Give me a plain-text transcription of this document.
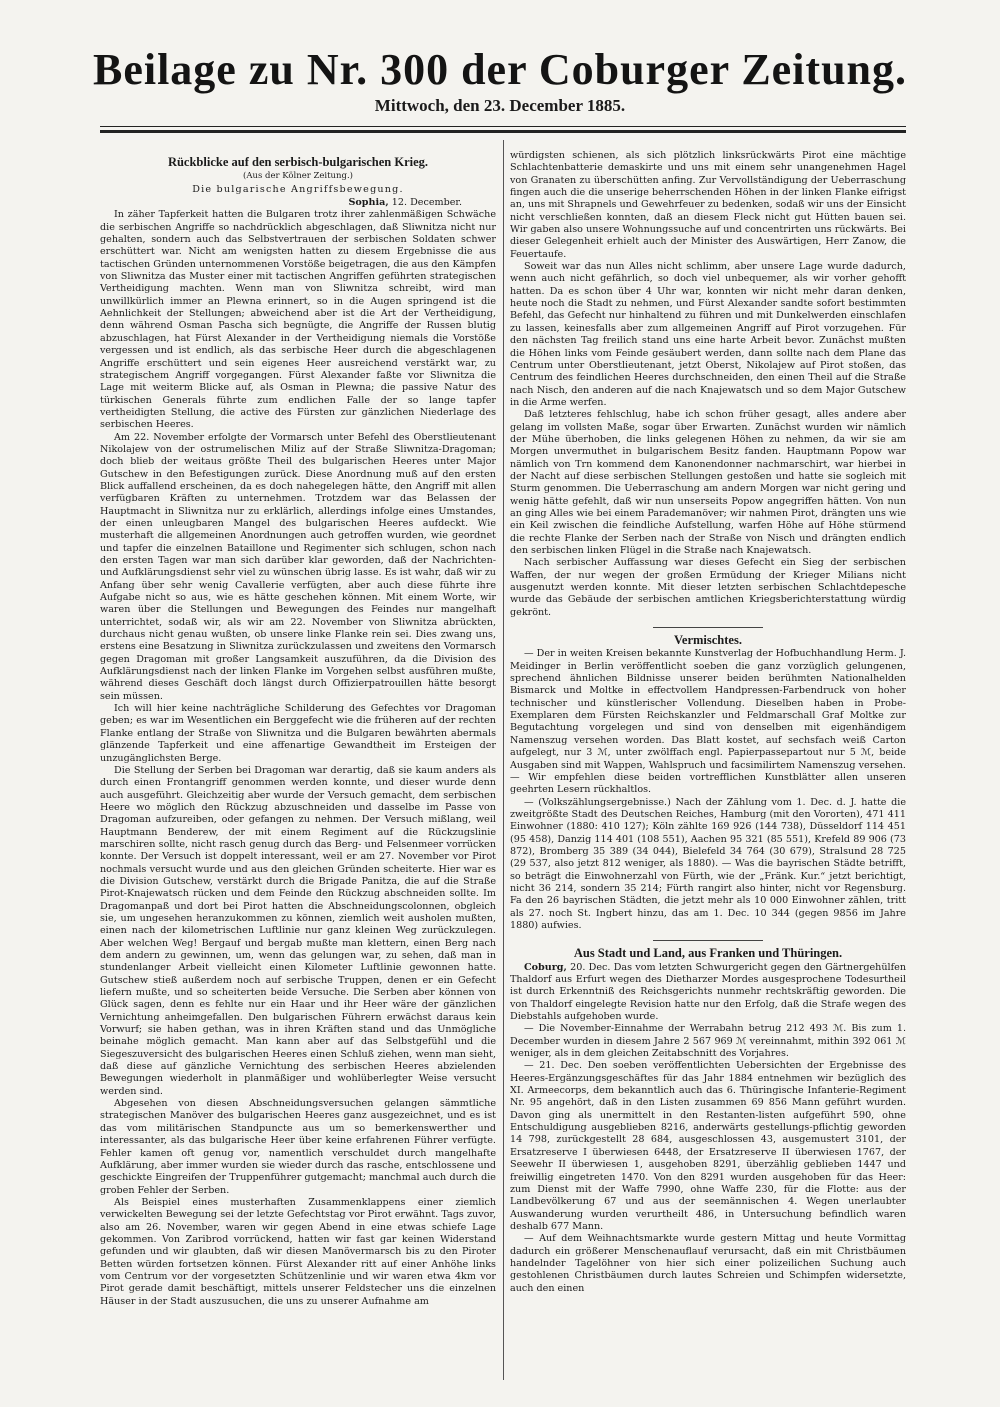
Beilage zu Nr. 300 der Coburger Zeitung.
Mittwoch, den 23. December 1885.
Rückblicke auf den serbisch-bulgarischen Krieg.
(Aus der Kölner Zeitung.)
Die bulgarische Angriffsbewegung.
Sophia, 12. December.

In zäher Tapferkeit hatten die Bulgaren trotz ihrer zahlenmäßigen Schwäche die serbischen Angriffe so nachdrücklich abgeschlagen, daß Sliwnitza nicht nur gehalten, sondern auch das Selbstvertrauen der serbischen Soldaten schwer erschüttert war. Nicht am wenigsten hatten zu diesem Ergebnisse die aus tactischen Gründen unternommenen Vorstöße beigetragen, die aus den Kämpfen von Sliwnitza das Muster einer mit tactischen Angriffen geführten strategischen Vertheidigung machten. Wenn man von Sliwnitza schreibt, wird man unwillkürlich immer an Plewna erinnert, so in die Augen springend ist die Aehnlichkeit der Stellungen; abweichend aber ist die Art der Vertheidigung, denn während Osman Pascha sich begnügte, die Angriffe der Russen blutig abzuschlagen, hat Fürst Alexander in der Vertheidigung niemals die Vorstöße vergessen und ist endlich, als das serbische Heer durch die abgeschlagenen Angriffe erschüttert und sein eigenes Heer ausreichend verstärkt war, zu strategischem Angriff vorgegangen. Fürst Alexander faßte vor Sliwnitza die Lage mit weiterm Blicke auf, als Osman in Plewna; die passive Natur des türkischen Generals führte zum endlichen Falle der so lange tapfer vertheidigten Stellung, die active des Fürsten zur gänzlichen Niederlage des serbischen Heeres.

Am 22. November erfolgte der Vormarsch unter Befehl des Oberstlieutenant Nikolajew von der ostrumelischen Miliz auf der Straße Sliwnitza-Dragoman; doch blieb der weitaus größte Theil des bulgarischen Heeres unter Major Gutschew in den Befestigungen zurück. Diese Anordnung muß auf den ersten Blick auffallend erscheinen, da es doch nahegelegen hätte, den Angriff mit allen verfügbaren Kräften zu unternehmen. Trotzdem war das Belassen der Hauptmacht in Sliwnitza nur zu erklärlich, allerdings infolge eines Umstandes, der einen unleugbaren Mangel des bulgarischen Heeres aufdeckt. Wie musterhaft die allgemeinen Anordnungen auch getroffen wurden, wie geordnet und tapfer die einzelnen Bataillone und Regimenter sich schlugen, schon nach den ersten Tagen war man sich darüber klar geworden, daß der Nachrichten- und Aufklärungsdienst sehr viel zu wünschen übrig lasse. Es ist wahr, daß wir zu Anfang über sehr wenig Cavallerie verfügten, aber auch diese führte ihre Aufgabe nicht so aus, wie es hätte geschehen können. Mit einem Worte, wir waren über die Stellungen und Bewegungen des Feindes nur mangelhaft unterrichtet, sodaß wir, als wir am 22. November von Sliwnitza abrückten, durchaus nicht genau wußten, ob unsere linke Flanke rein sei. Dies zwang uns, erstens eine Besatzung in Sliwnitza zurückzulassen und zweitens den Vormarsch gegen Dragoman mit großer Langsamkeit auszuführen, da die Division des Aufklärungsdienst nach der linken Flanke im Vorgehen selbst ausführen mußte, während dieses Geschäft doch längst durch Offizierpatrouillen hätte besorgt sein müssen.

Ich will hier keine nachträgliche Schilderung des Gefechtes vor Dragoman geben; es war im Wesentlichen ein Berggefecht wie die früheren auf der rechten Flanke entlang der Straße von Sliwnitza und die Bulgaren bewährten abermals glänzende Tapferkeit und eine affenartige Gewandtheit im Ersteigen der unzugänglichsten Berge.

Die Stellung der Serben bei Dragoman war derartig, daß sie kaum anders als durch einen Frontangriff genommen werden konnte, und dieser wurde denn auch ausgeführt. Gleichzeitig aber wurde der Versuch gemacht, dem serbischen Heere wo möglich den Rückzug abzuschneiden und dasselbe im Passe von Dragoman aufzureiben, oder gefangen zu nehmen. Der Versuch mißlang, weil Hauptmann Benderew, der mit einem Regiment auf die Rückzugslinie marschiren sollte, nicht rasch genug durch das Berg- und Felsenmeer vorrücken konnte. Der Versuch ist doppelt interessant, weil er am 27. November vor Pirot nochmals versucht wurde und aus den gleichen Gründen scheiterte. Hier war es die Division Gutschew, verstärkt durch die Brigade Panitza, die auf die Straße Pirot-Knajewatsch rücken und dem Feinde den Rückzug abschneiden sollte. Im Dragomanpaß und dort bei Pirot hatten die Abschneidungscolonnen, obgleich sie, um ungesehen heranzukommen zu können, ziemlich weit ausholen mußten, einen nach der kilometrischen Luftlinie nur ganz kleinen Weg zurückzulegen. Aber welchen Weg! Bergauf und bergab mußte man klettern, einen Berg nach dem andern zu gewinnen, um, wenn das gelungen war, zu sehen, daß man in stundenlanger Arbeit vielleicht einen Kilometer Luftlinie gewonnen hatte. Gutschew stieß außerdem noch auf serbische Truppen, denen er ein Gefecht liefern mußte, und so scheiterten beide Versuche. Die Serben aber können von Glück sagen, denn es fehlte nur ein Haar und ihr Heer wäre der gänzlichen Vernichtung anheimgefallen. Den bulgarischen Führern erwächst daraus kein Vorwurf; sie haben gethan, was in ihren Kräften stand und das Unmögliche beinahe möglich gemacht. Man kann aber auf das Selbstgefühl und die Siegeszuversicht des bulgarischen Heeres einen Schluß ziehen, wenn man sieht, daß diese auf gänzliche Vernichtung des serbischen Heeres abzielenden Bewegungen wiederholt in planmäßiger und wohlüberlegter Weise versucht werden sind.

Abgesehen von diesen Abschneidungsversuchen gelangen sämmtliche strategischen Manöver des bulgarischen Heeres ganz ausgezeichnet, und es ist das vom militärischen Standpuncte aus um so bemerkenswerther und interessanter, als das bulgarische Heer über keine erfahrenen Führer verfügte. Fehler kamen oft genug vor, namentlich verschuldet durch mangelhafte Aufklärung, aber immer wurden sie wieder durch das rasche, entschlossene und geschickte Eingreifen der Truppenführer gutgemacht; manchmal auch durch die groben Fehler der Serben.

Als Beispiel eines musterhaften Zusammenklappens einer ziemlich verwickelten Bewegung sei der letzte Gefechtstag vor Pirot erwähnt. Tags zuvor, also am 26. November, waren wir gegen Abend in eine etwas schiefe Lage gekommen. Von Zaribrod vorrückend, hatten wir fast gar keinen Widerstand gefunden und wir glaubten, daß wir diesen Manövermarsch bis zu den Piroter Betten würden fortsetzen können. Fürst Alexander ritt auf einer Anhöhe links vom Centrum vor der vorgesetzten Schützenlinie und wir waren etwa 4km vor Pirot gerade damit beschäftigt, mittels unserer Feldstecher uns die einzelnen Häuser in der Stadt auszusuchen, die uns zu unserer Aufnahme am

würdigsten schienen, als sich plötzlich linksrückwärts Pirot eine mächtige Schlachtenbatterie demaskirte und uns mit einem sehr unangenehmen Hagel von Granaten zu überschütten anfing. Zur Vervollständigung der Ueberraschung fingen auch die die unserige beherrschenden Höhen in der linken Flanke eifrigst an, uns mit Shrapnels und Gewehrfeuer zu bedenken, sodaß wir uns der Einsicht nicht verschließen konnten, daß an diesem Fleck nicht gut Hütten bauen sei. Wir gaben also unsere Wohnungssuche auf und concentrirten uns rückwärts. Bei dieser Gelegenheit erhielt auch der Minister des Auswärtigen, Herr Zanow, die Feuertaufe.

Soweit war das nun Alles nicht schlimm, aber unsere Lage wurde dadurch, wenn auch nicht gefährlich, so doch viel unbequemer, als wir vorher gehofft hatten. Da es schon über 4 Uhr war, konnten wir nicht mehr daran denken, heute noch die Stadt zu nehmen, und Fürst Alexander sandte sofort bestimmten Befehl, das Gefecht nur hinhaltend zu führen und mit Dunkelwerden einschlafen zu lassen, keinesfalls aber zum allgemeinen Angriff auf Pirot vorzugehen. Für den nächsten Tag freilich stand uns eine harte Arbeit bevor. Zunächst mußten die Höhen links vom Feinde gesäubert werden, dann sollte nach dem Plane das Centrum unter Oberstlieutenant, jetzt Oberst, Nikolajew auf Pirot stoßen, das Centrum des feindlichen Heeres durchschneiden, den einen Theil auf die Straße nach Nisch, den anderen auf die nach Knajewatsch und so dem Major Gutschew in die Arme werfen.

Daß letzteres fehlschlug, habe ich schon früher gesagt, alles andere aber gelang im vollsten Maße, sogar über Erwarten. Zunächst wurden wir nämlich der Mühe überhoben, die links gelegenen Höhen zu nehmen, da wir sie am Morgen unvermuthet in bulgarischem Besitz fanden. Hauptmann Popow war nämlich von Trn kommend dem Kanonendonner nachmarschirt, war hierbei in der Nacht auf diese serbischen Stellungen gestoßen und hatte sie sogleich mit Sturm genommen. Die Ueberraschung am andern Morgen war nicht gering und wenig hätte gefehlt, daß wir nun unserseits Popow angegriffen hätten. Von nun an ging Alles wie bei einem Parademanöver; wir nahmen Pirot, drängten uns wie ein Keil zwischen die feindliche Aufstellung, warfen Höhe auf Höhe stürmend die rechte Flanke der Serben nach der Straße von Nisch und drängten endlich den serbischen linken Flügel in die Straße nach Knajewatsch.

Nach serbischer Auffassung war dieses Gefecht ein Sieg der serbischen Waffen, der nur wegen der großen Ermüdung der Krieger Milians nicht ausgenutzt werden konnte. Mit dieser letzten serbischen Schlachtdepesche wurde das Gebäude der serbischen amtlichen Kriegsberichterstattung würdig gekrönt.

Vermischtes.

— Der in weiten Kreisen bekannte Kunstverlag der Hofbuchhandlung Herm. J. Meidinger in Berlin veröffentlicht soeben die ganz vorzüglich gelungenen, sprechend ähnlichen Bildnisse unserer beiden berühmten Nationalhelden Bismarck und Moltke in effectvollem Handpressen-Farbendruck von hoher technischer und künstlerischer Vollendung. Dieselben haben in Probe-Exemplaren dem Fürsten Reichskanzler und Feldmarschall Graf Moltke zur Begutachtung vorgelegen und sind von denselben mit eigenhändigem Namenszug versehen worden. Das Blatt kostet, auf sechsfach weiß Carton aufgelegt, nur 3 ℳ, unter zwölffach engl. Papierpassepartout nur 5 ℳ, beide Ausgaben sind mit Wappen, Wahlspruch und facsimilirtem Namenszug versehen. — Wir empfehlen diese beiden vortrefflichen Kunstblätter allen unseren geehrten Lesern rückhaltlos.

— (Volkszählungsergebnisse.) Nach der Zählung vom 1. Dec. d. J. hatte die zweitgrößte Stadt des Deutschen Reiches, Hamburg (mit den Vororten), 471 411 Einwohner (1880: 410 127); Köln zählte 169 926 (144 738), Düsseldorf 114 451 (95 458), Danzig 114 401 (108 551), Aachen 95 321 (85 551), Krefeld 89 906 (73 872), Bromberg 35 389 (34 044), Bielefeld 34 764 (30 679), Stralsund 28 725 (29 537, also jetzt 812 weniger, als 1880). — Was die bayrischen Städte betrifft, so beträgt die Einwohnerzahl von Fürth, wie der „Fränk. Kur.“ jetzt berichtigt, nicht 36 214, sondern 35 214; Fürth rangirt also hinter, nicht vor Regensburg. Fa den 26 bayrischen Städten, die jetzt mehr als 10 000 Einwohner zählen, tritt als 27. noch St. Ingbert hinzu, das am 1. Dec. 10 344 (gegen 9856 im Jahre 1880) aufwies.

Aus Stadt und Land, aus Franken und Thüringen.

Coburg, 20. Dec. Das vom letzten Schwurgericht gegen den Gärtnergehülfen Thaldorf aus Erfurt wegen des Dietharzer Mordes ausgesprochene Todesurtheil ist durch Erkenntniß des Reichsgerichts nunmehr rechtskräftig geworden. Die von Thaldorf eingelegte Revision hatte nur den Erfolg, daß die Strafe wegen des Diebstahls aufgehoben wurde.

— Die November-Einnahme der Werrabahn betrug 212 493 ℳ. Bis zum 1. December wurden in diesem Jahre 2 567 969 ℳ vereinnahmt, mithin 392 061 ℳ weniger, als in dem gleichen Zeitabschnitt des Vorjahres.

— 21. Dec. Den soeben veröffentlichten Uebersichten der Ergebnisse des Heeres-Ergänzungsgeschäftes für das Jahr 1884 entnehmen wir bezüglich des XI. Armeecorps, dem bekanntlich auch das 6. Thüringische Infanterie-Regiment Nr. 95 angehört, daß in den Listen zusammen 69 856 Mann geführt wurden. Davon ging als unermittelt in den Restanten-listen aufgeführt 590, ohne Entschuldigung ausgeblieben 8216, anderwärts gestellungs-pflichtig geworden 14 798, zurückgestellt 28 684, ausgeschlossen 43, ausgemustert 3101, der Ersatzreserve I überwiesen 6448, der Ersatzreserve II überwiesen 1767, der Seewehr II überwiesen 1, ausgehoben 8291, überzählig geblieben 1447 und freiwillig eingetreten 1470. Von den 8291 wurden ausgehoben für das Heer: zum Dienst mit der Waffe 7990, ohne Waffe 230, für die Flotte: aus der Landbevölkerung 67 und aus der seemännischen 4. Wegen unerlaubter Auswanderung wurden verurtheilt 486, in Untersuchung befindlich waren deshalb 677 Mann.

— Auf dem Weihnachtsmarkte wurde gestern Mittag und heute Vormittag dadurch ein größerer Menschenauflauf verursacht, daß ein mit Christbäumen handelnder Tagelöhner von hier sich einer polizeilichen Suchung auch gestohlenen Christbäumen durch lautes Schreien und Schimpfen widersetzte, auch den einen
